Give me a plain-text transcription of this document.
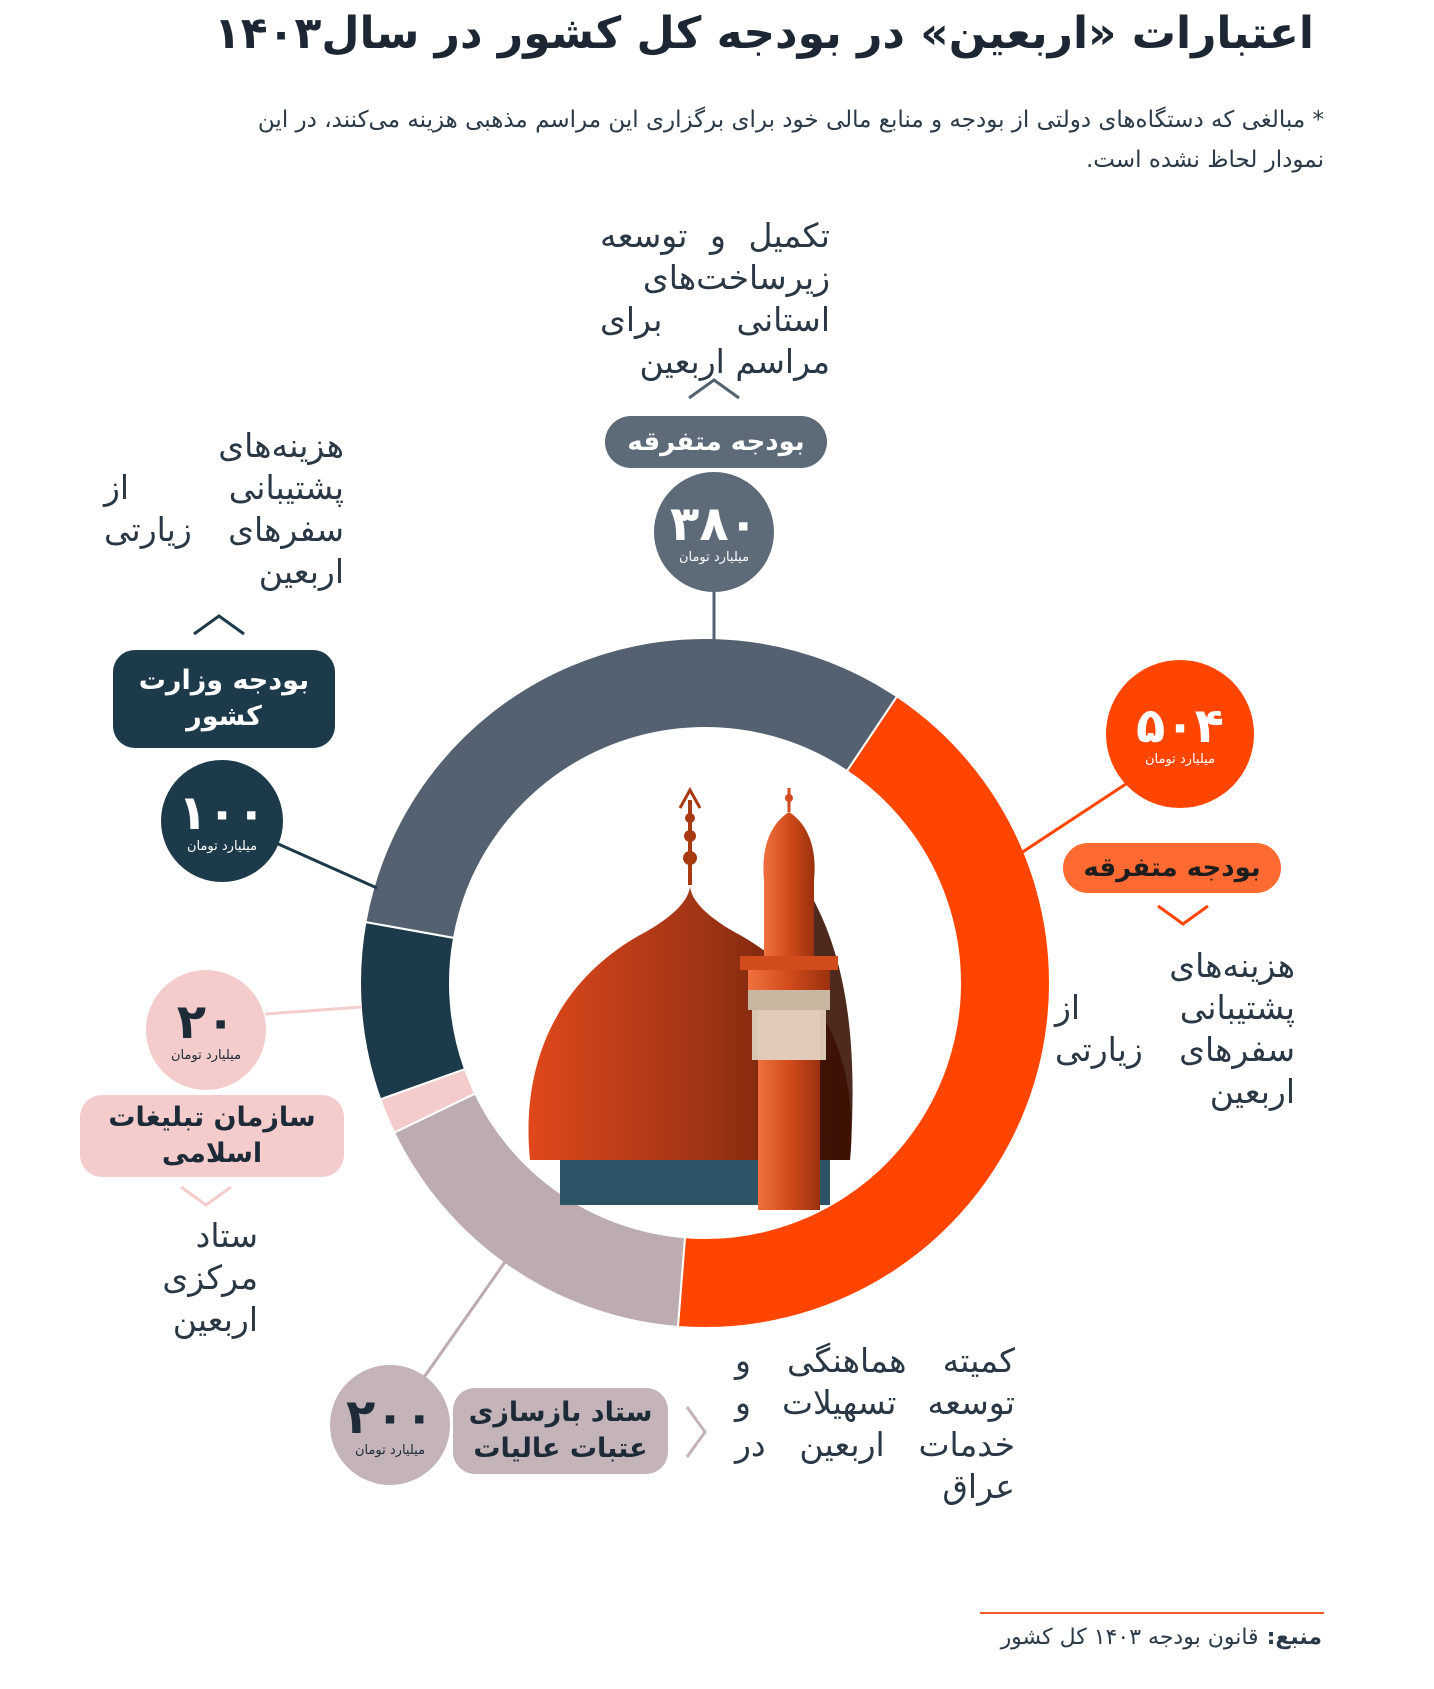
اعتبارات «اربعین» در بودجه کل کشور در سال۱۴۰۳
* مبالغی که دستگاه‌های دولتی از بودجه و منابع مالی خود برای برگزاری این مراسم مذهبی هزینه می‌کنند، در این نمودار لحاظ نشده است.
۵۰۴
میلیارد تومان
بودجه متفرقه
هزینه‌های پشتیبانی از سفرهای زیارتی اربعین
تکمیل و توسعه زیرساخت‌های استانی برای مراسم اربعین
بودجه متفرقه
۳۸۰
میلیارد تومان
هزینه‌های پشتیبانی از سفرهای زیارتی اربعین
بودجه وزارت کشور
۱۰۰
میلیارد تومان
۲۰
میلیارد تومان
سازمان تبلیغات اسلامی
ستاد مرکزی اربعین
۲۰۰
میلیارد تومان
ستاد بازسازی عتبات عالیات
کمیته هماهنگی و توسعه تسهیلات و خدمات اربعین در عراق
منبع:قانون بودجه ۱۴۰۳ کل کشور
